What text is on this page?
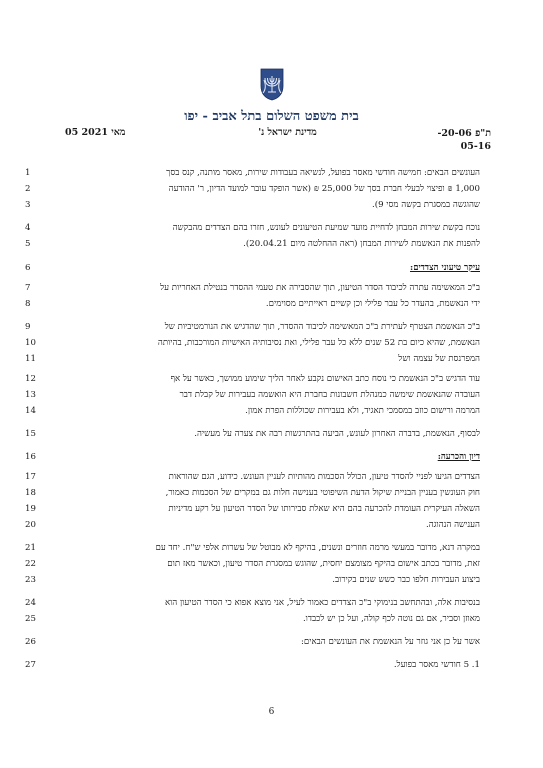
בית משפט השלום בתל אביב - יפו
ת"פ 20-06-
05-16
מדינת ישראל נ'
05 מאי 2021
1	העונשים הבאים: חמישה חודשי מאסר בפועל, לנשיאה בעבודות שירות, מאסר מותנה, קנס בסך
2	1,000 ₪ ופיצוי לבעלי חברת בסך של 25,000 ₪ (אשר הופקד עובר למועד הדיון, ר' ההודעה
3	שהוגשה במסגרת בקשה מסי 9).
4	נוכח בקשת שירות המבחן לדחיית מועד שמיעת הטיעונים לעונש, חזרו בהם הצדדים מהבקשה
5	להפנות את הנאשמת לשירות המבחן (ראה ההחלטה מיום 20.04.21).
6	עיקר טיעוני הצדדים:
7	ב"כ המאשימה עתרה לכיבוד הסדר הטיעון, תוך שהסבירה את טעמי ההסדר בנטילת האחריות על
8	ידי הנאשמת, בהעדר כל עבר פלילי וכן קשיים ראייתיים מסוימים.
9	ב"כ הנאשמת הצטרף לעתירת ב"כ המאשימה לכיבוד ההסדר, תוך שהדגיש את הנורמטיביות של
10	הנאשמת, שהיא כיום בת 52 שנים ללא כל עבר פלילי, ואת נסיבותיה האישיות המורכבות, בהיותה
11	המפרנסת של עצמה ושל
12	עוד הדגיש ב"כ הנאשמת כי נוסח כתב האישום נקבע לאחר הליך שימוע ממושך, כאשר על אף
13	העובדה שהנאשמת שימשה כמנהלת חשבונות בחברת היא הואשמה בעבירות של קבלת דבר
14	המרמה ורישום כוזב במסמכי תאגיד, ולא בעבירות שכוללות הפרת אמון.
15	לבסוף, הנאשמת, בדברה האחרון לעונש, הביעה בהתרגשות רבה את צערה על מעשיה.
16	דיון והכרעה:
17	הצדדים הגיעו לפניי להסדר טיעון, הכולל הסכמות מהותיות לעניין העונש. כידוע, הגם שהוראות
18	חוק העונשין בעניין הבניית שיקול הדעת השיפוטי בענישה חלות גם במקרים של הסכמות כאמור,
19	השאלה העיקרית העומדת להכרעה בהם היא שאלת סבירותו של הסדר הטיעון על רקע מדיניות
20	הענישה הנהוגה.
21	במקרה דנא, מדובר במעשי מרמה חוזרים ונשנים, בהיקף לא מבוטל של עשרות אלפי ש"ח. יחד עם
22	זאת, מדובר בכתב אישום בהיקף מצומצם יחסית, שהוגש במסגרת הסדר טיעון, וכאשר מאז תום
23	ביצוע העבירות חלפו כבר כשש שנים בקירוב.
24	בנסיבות אלה, ובהתחשב בנימוקי ב"כ הצדדים כאמור לעיל, אני מוצא אפוא כי הסדר הטיעון הוא
25	מאוזן וסביר, אם גם נוטה לכף קולה, ועל כן יש לכבדו.
26	אשר על כן אני גוזר על הנאשמת את העונשים הבאים:
27	1. 5 חודשי מאסר בפועל.
6
